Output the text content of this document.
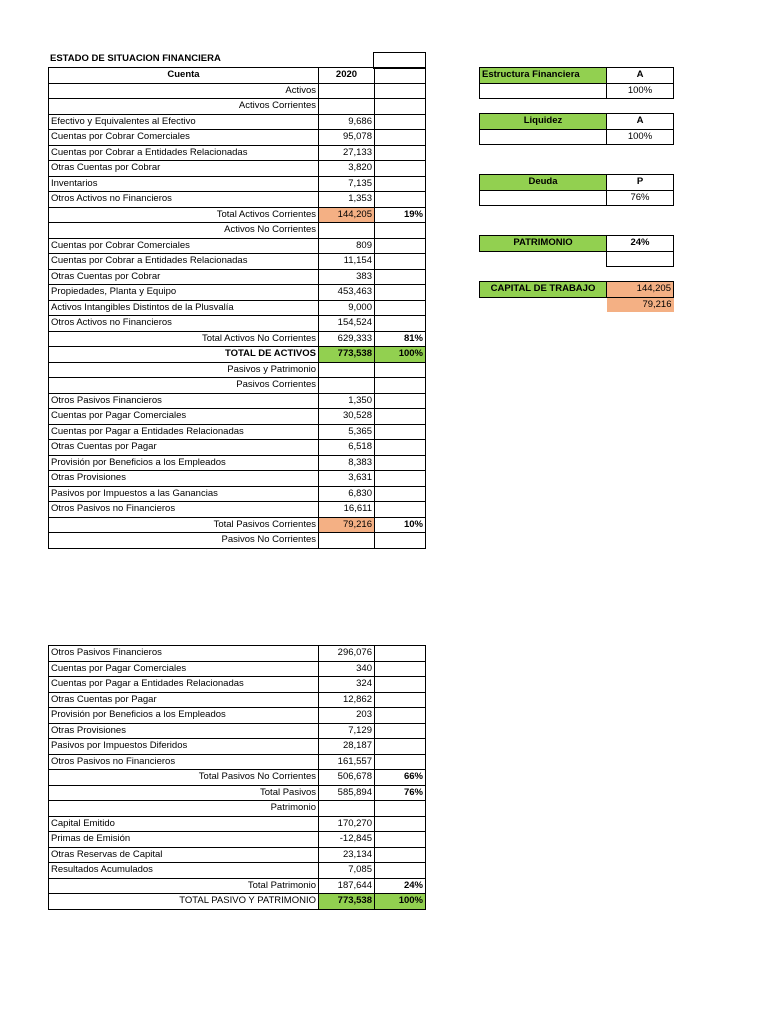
ESTADO DE SITUACION FINANCIERA
Cuenta	2020	
Activos		
Activos Corrientes		
Efectivo y Equivalentes al Efectivo	9,686	
Cuentas por Cobrar Comerciales	95,078	
Cuentas por Cobrar a Entidades Relacionadas	27,133	
Otras Cuentas por Cobrar	3,820	
Inventarios	7,135	
Otros Activos no Financieros	1,353	
Total Activos Corrientes	144,205	19%
Activos No Corrientes		
Cuentas por Cobrar Comerciales	809	
Cuentas por Cobrar a Entidades Relacionadas	11,154	
Otras Cuentas por Cobrar	383	
Propiedades, Planta y Equipo	453,463	
Activos Intangibles Distintos de la Plusvalía	9,000	
Otros Activos no Financieros	154,524	
Total Activos No Corrientes	629,333	81%
TOTAL DE ACTIVOS	773,538	100%
Pasivos y Patrimonio		
Pasivos Corrientes		
Otros Pasivos Financieros	1,350	
Cuentas por Pagar Comerciales	30,528	
Cuentas por Pagar a Entidades Relacionadas	5,365	
Otras Cuentas por Pagar	6,518	
Provisión por Beneficios a los Empleados	8,383	
Otras Provisiones	3,631	
Pasivos por Impuestos a las Ganancias	6,830	
Otros Pasivos no Financieros	16,611	
Total Pasivos Corrientes	79,216	10%
Pasivos No Corrientes		
Otros Pasivos Financieros	296,076	
Cuentas por Pagar Comerciales	340	
Cuentas por Pagar a Entidades Relacionadas	324	
Otras Cuentas por Pagar	12,862	
Provisión por Beneficios a los Empleados	203	
Otras Provisiones	7,129	
Pasivos por Impuestos Diferidos	28,187	
Otros Pasivos no Financieros	161,557	
Total Pasivos No Corrientes	506,678	66%
Total Pasivos	585,894	76%
Patrimonio		
Capital Emitido	170,270	
Primas de Emisión	-12,845	
Otras Reservas de Capital	23,134	
Resultados Acumulados	7,085	
Total Patrimonio	187,644	24%
TOTAL PASIVO Y PATRIMONIO	773,538	100%
Estructura Financiera	A
	100%
Liquidez	A
	100%
Deuda	P
	76%
PATRIMONIO	24%

CAPITAL DE TRABAJO	144,205
	79,216
